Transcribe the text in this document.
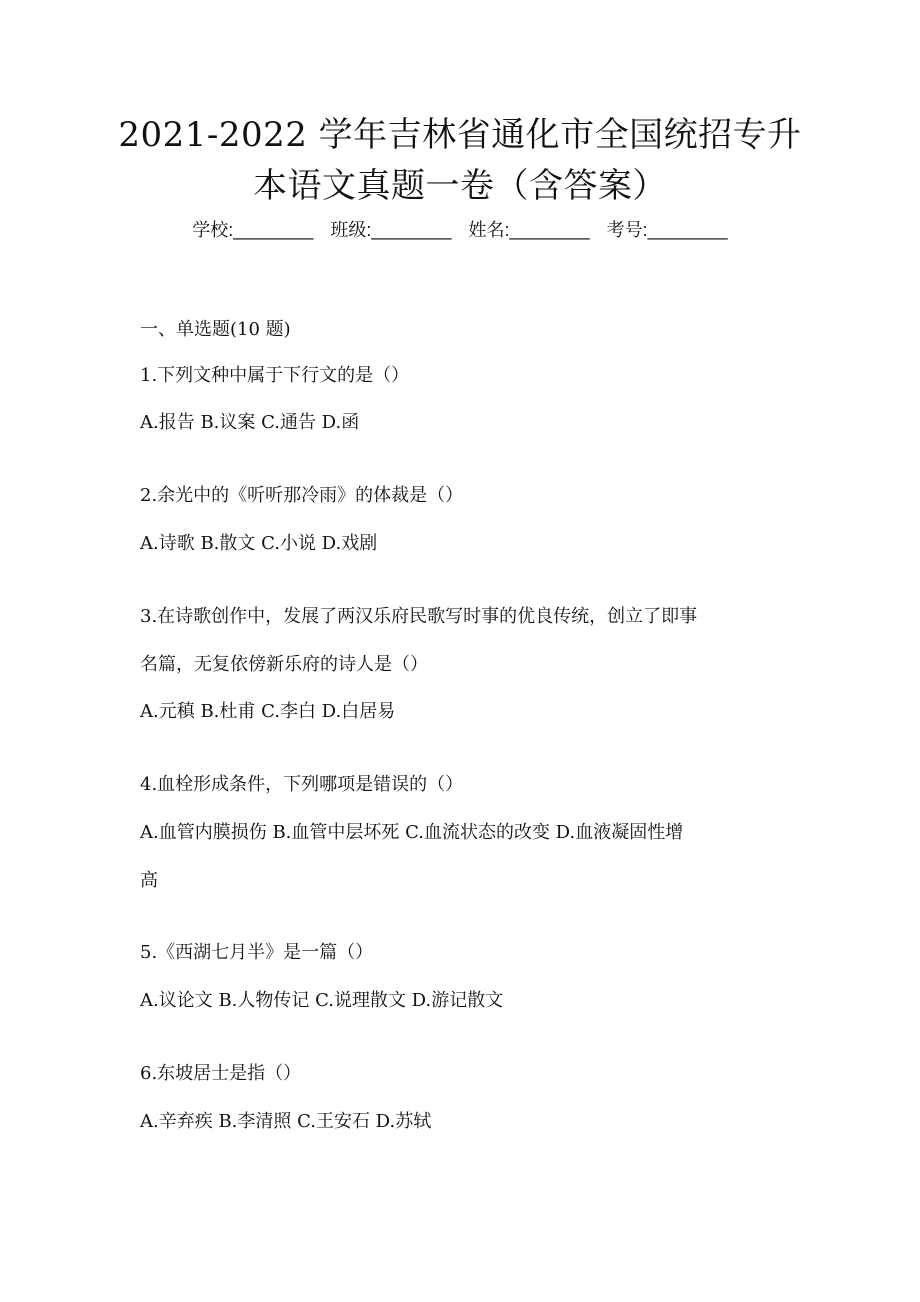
2021-2022 学年吉林省通化市全国统招专升
本语文真题一卷（含答案）
学校:________ 班级:________ 姓名:________ 考号:________
一、单选题(10 题)
1.下列文种中属于下行文的是（）
A.报告 B.议案 C.通告 D.函
2.余光中的《听听那冷雨》的体裁是（）
A.诗歌 B.散文 C.小说 D.戏剧
3.在诗歌创作中，发展了两汉乐府民歌写时事的优良传统，创立了即事
名篇，无复依傍新乐府的诗人是（）
A.元稹 B.杜甫 C.李白 D.白居易
4.血栓形成条件，下列哪项是错误的（）
A.血管内膜损伤 B.血管中层坏死 C.血流状态的改变 D.血液凝固性增
高
5.《西湖七月半》是一篇（）
A.议论文 B.人物传记 C.说理散文 D.游记散文
6.东坡居士是指（）
A.辛弃疾 B.李清照 C.王安石 D.苏轼
